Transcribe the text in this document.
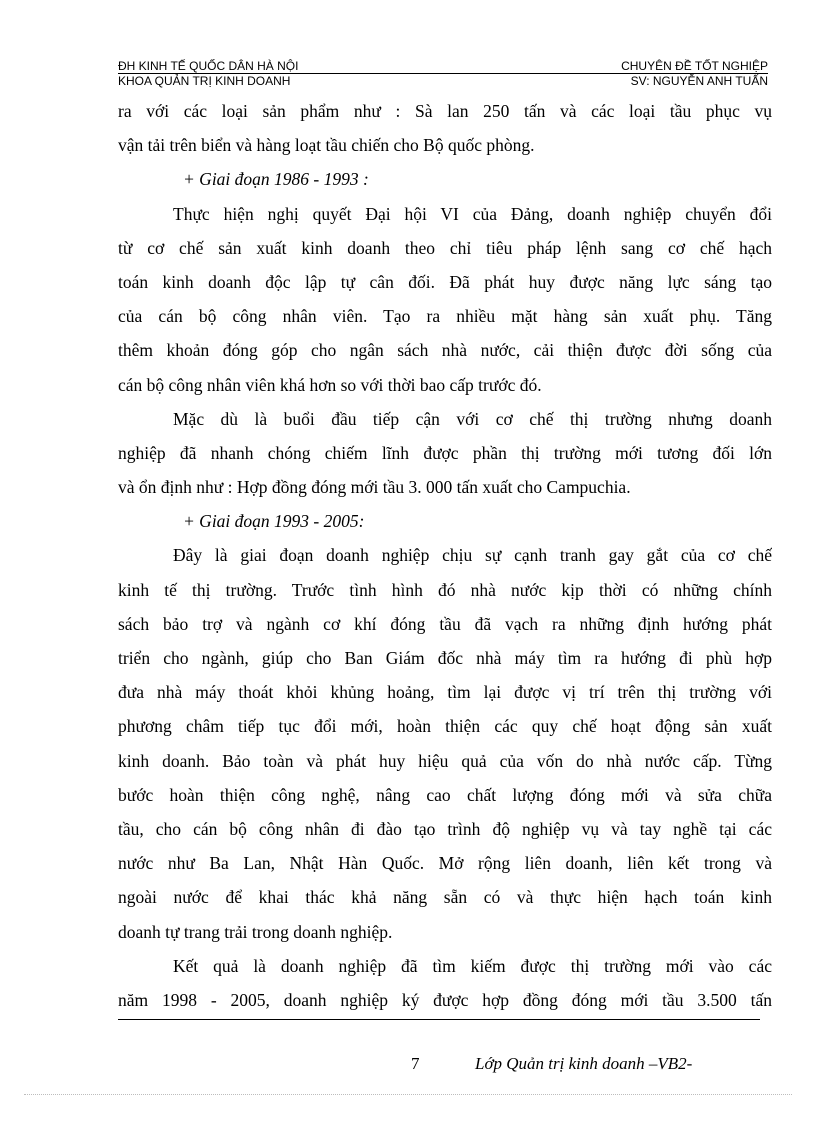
ĐH KINH TẾ QUỐC DÂN HÀ NỘI
KHOA QUẢN TRỊ KINH DOANH
CHUYÊN ĐỀ TỐT NGHIỆP
SV: NGUYỄN ANH TUẤN

ra với các loại sản phẩm như : Sà lan 250 tấn và các loại tầu phục vụ

vận tải trên biển và hàng loạt tầu chiến cho Bộ quốc phòng.

+ Giai đoạn 1986 - 1993 :

Thực hiện nghị quyết Đại hội VI của Đảng, doanh nghiệp chuyển đổi

từ cơ chế sản xuất kinh doanh theo chỉ tiêu pháp lệnh sang cơ chế hạch

toán kinh doanh độc lập tự cân đối. Đã phát huy được năng lực sáng tạo

của cán bộ công nhân viên. Tạo ra nhiều mặt hàng sản xuất phụ. Tăng

thêm khoản đóng góp cho ngân sách nhà nước, cải thiện được đời sống của

cán bộ công nhân viên khá hơn so với thời bao cấp trước đó.

Mặc dù là buổi đầu tiếp cận với cơ chế thị trường nhưng doanh

nghiệp đã nhanh chóng chiếm lĩnh được phần thị trường mới tương đối lớn

và ổn định như : Hợp đồng đóng mới tầu 3. 000 tấn xuất cho Campuchia.

+ Giai đoạn 1993 - 2005:

Đây là giai đoạn doanh nghiệp chịu sự cạnh tranh gay gắt của cơ chế

kinh tế thị trường. Trước tình hình đó nhà nước kịp thời có những chính

sách bảo trợ và ngành cơ khí đóng tầu đã vạch ra những định hướng phát

triển cho ngành, giúp cho Ban Giám đốc nhà máy tìm ra hướng đi phù hợp

đưa nhà máy thoát khỏi khủng hoảng, tìm lại được vị trí trên thị trường với

phương châm tiếp tục đổi mới, hoàn thiện các quy chế hoạt động sản xuất

kinh doanh. Bảo toàn và phát huy hiệu quả của vốn do nhà nước cấp. Từng

bước hoàn thiện công nghệ, nâng cao chất lượng đóng mới và sửa chữa

tầu, cho cán bộ công nhân đi đào tạo trình độ nghiệp vụ và tay nghề tại các

nước như Ba Lan, Nhật Hàn Quốc. Mở rộng liên doanh, liên kết trong và

ngoài nước để khai thác khả năng sẵn có và thực hiện hạch toán kinh

doanh tự trang trải trong doanh nghiệp.

Kết quả là doanh nghiệp đã tìm kiếm được thị trường mới vào các

năm 1998 - 2005, doanh nghiệp ký được hợp đồng đóng mới tầu 3.500 tấn

7	Lớp Quản trị kinh doanh –VB2-
